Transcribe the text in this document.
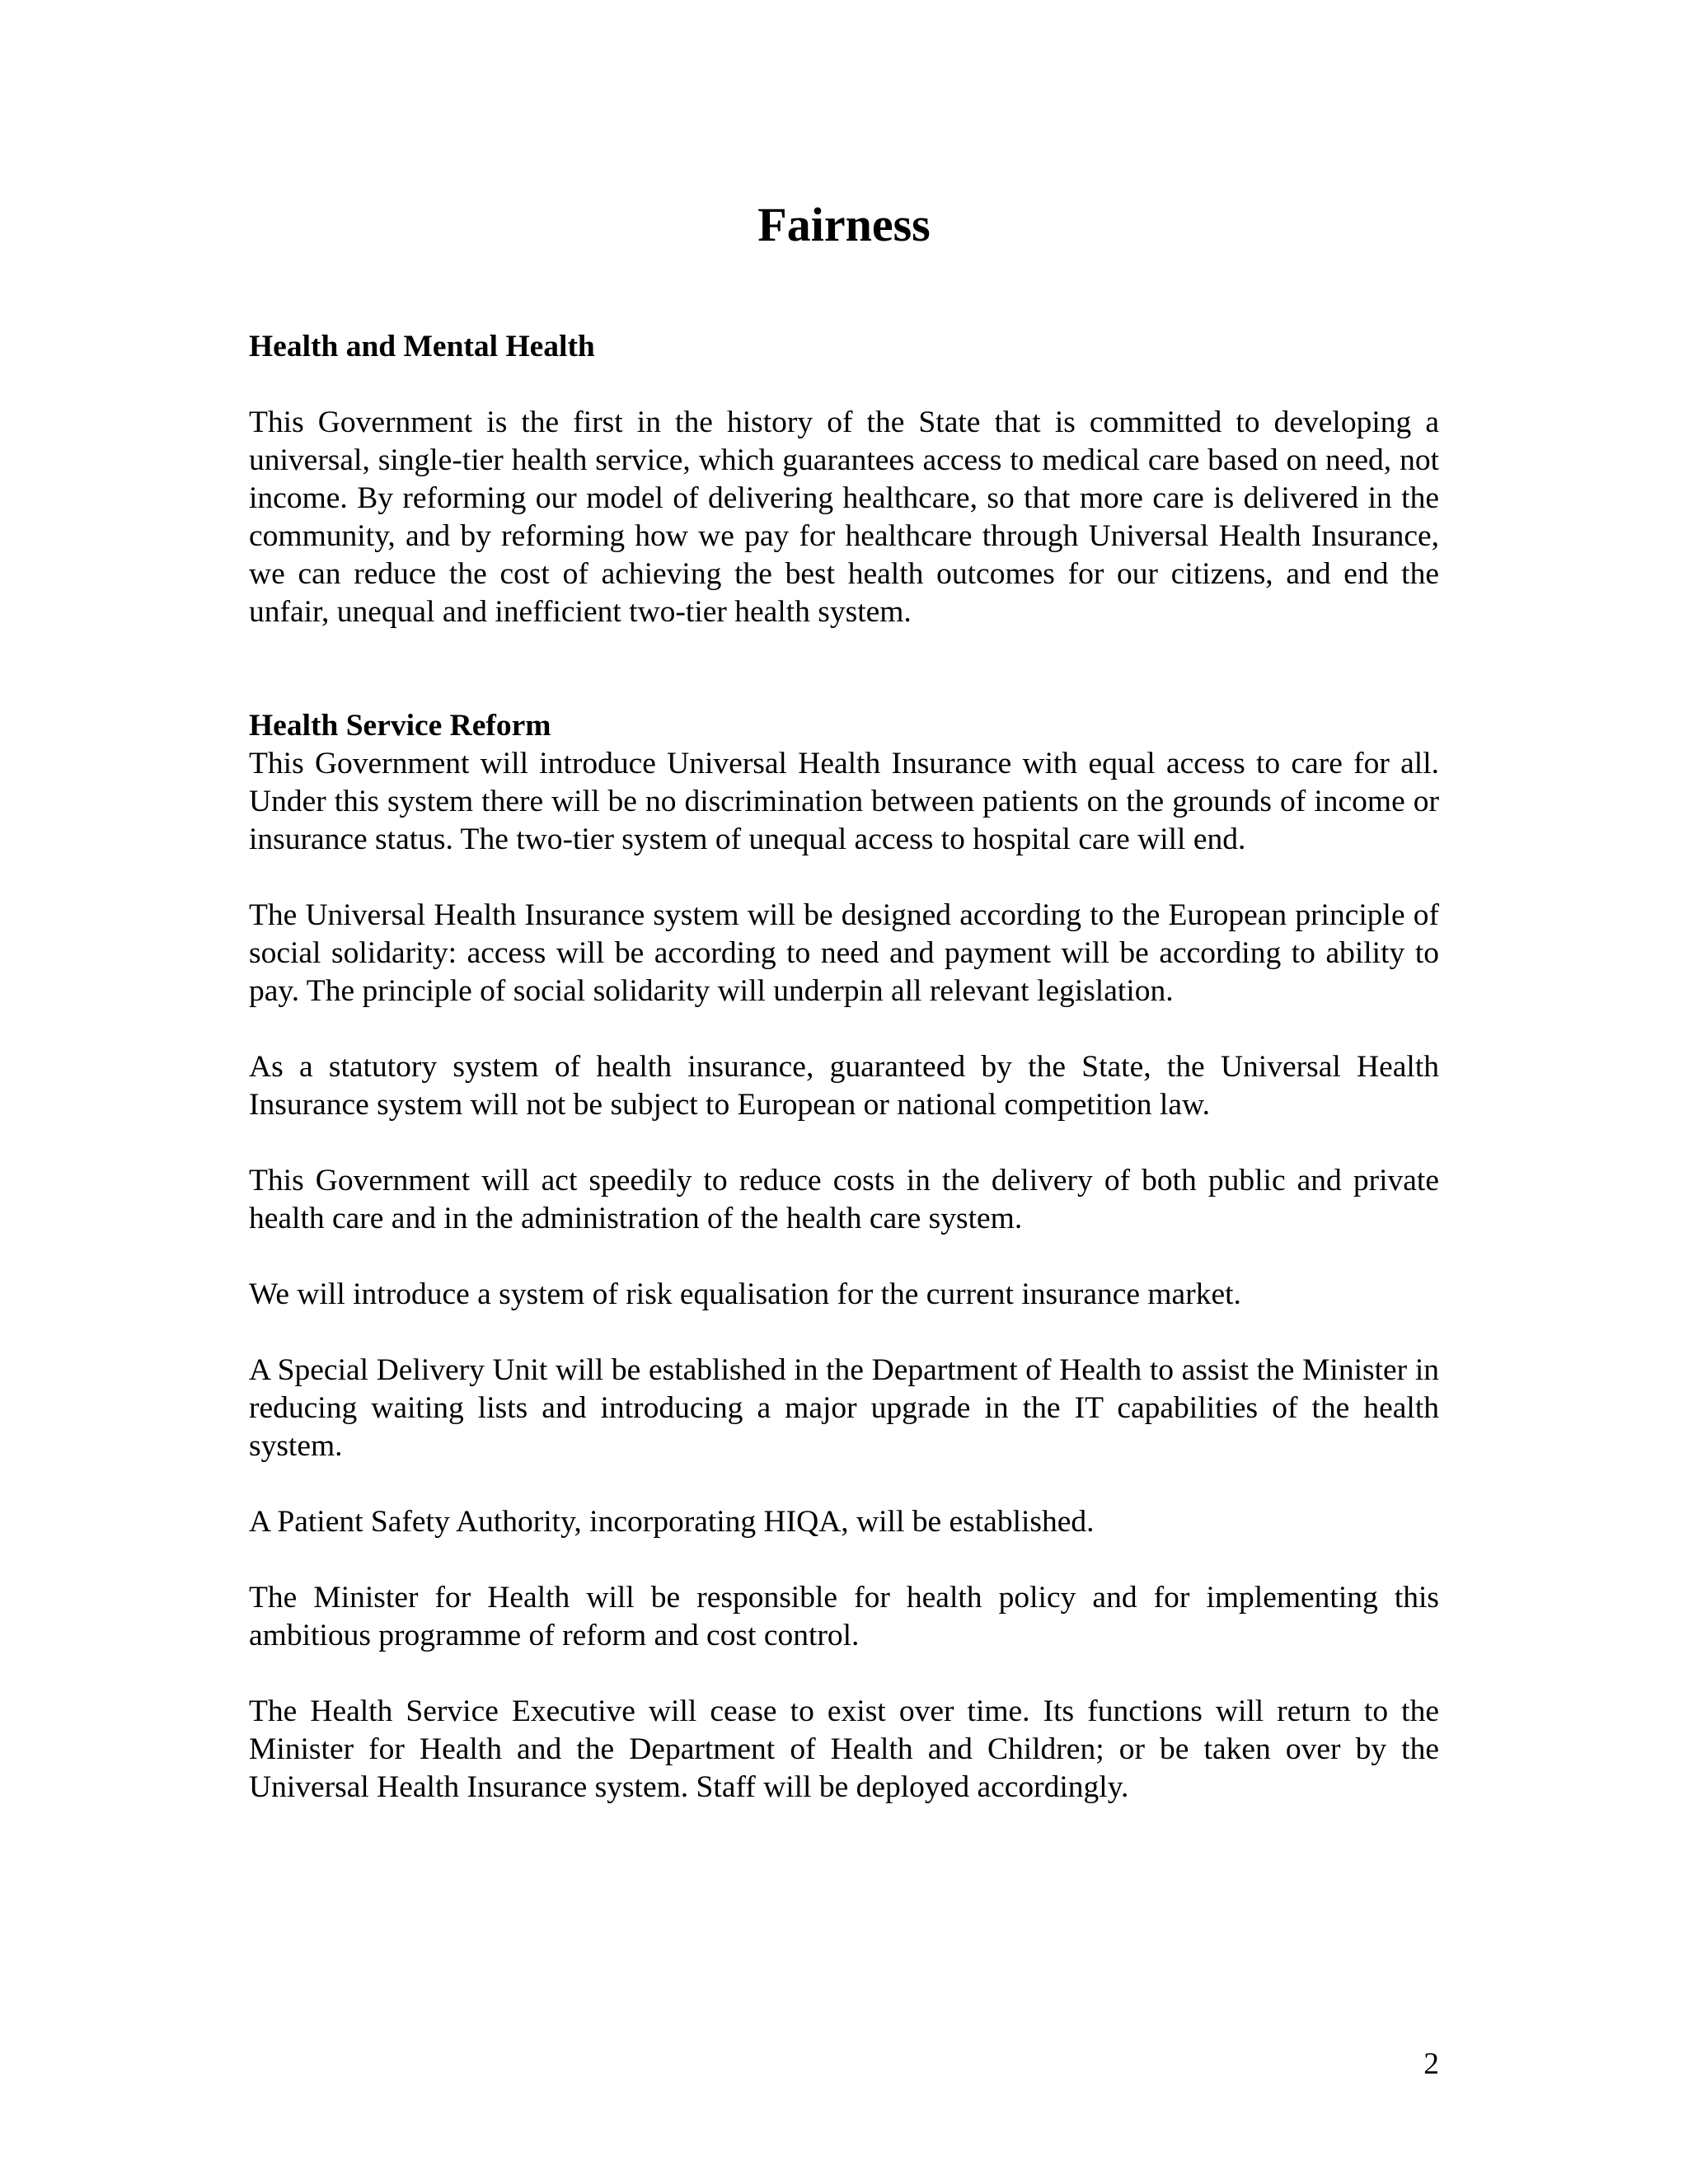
Fairness

Health and Mental Health

This Government is the first in the history of the State that is committed to developing a universal, single-tier health service, which guarantees access to medical care based on need, not income. By reforming our model of delivering healthcare, so that more care is delivered in the community, and by reforming how we pay for healthcare through Universal Health Insurance, we can reduce the cost of achieving the best health outcomes for our citizens, and end the unfair, unequal and inefficient two-tier health system.

Health Service Reform

This Government will introduce Universal Health Insurance with equal access to care for all. Under this system there will be no discrimination between patients on the grounds of income or insurance status. The two-tier system of unequal access to hospital care will end.

The Universal Health Insurance system will be designed according to the European principle of social solidarity: access will be according to need and payment will be according to ability to pay. The principle of social solidarity will underpin all relevant legislation.

As a statutory system of health insurance, guaranteed by the State, the Universal Health Insurance system will not be subject to European or national competition law.

This Government will act speedily to reduce costs in the delivery of both public and private health care and in the administration of the health care system.

We will introduce a system of risk equalisation for the current insurance market.

A Special Delivery Unit will be established in the Department of Health to assist the Minister in reducing waiting lists and introducing a major upgrade in the IT capabilities of the health system.

A Patient Safety Authority, incorporating HIQA, will be established.

The Minister for Health will be responsible for health policy and for implementing this ambitious programme of reform and cost control.

The Health Service Executive will cease to exist over time. Its functions will return to the Minister for Health and the Department of Health and Children; or be taken over by the Universal Health Insurance system. Staff will be deployed accordingly.

2
